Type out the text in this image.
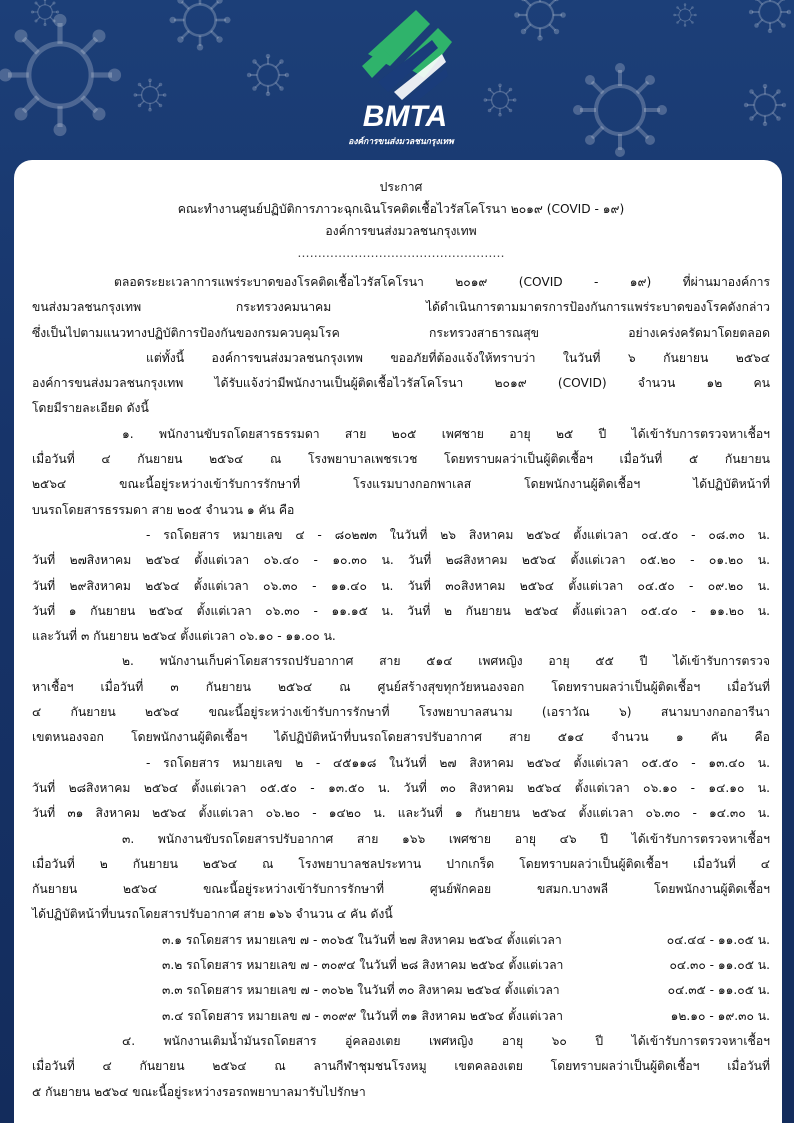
BMTA
องค์การขนส่งมวลชนกรุงเทพ
ประกาศ
คณะทำงานศูนย์ปฏิบัติการภาวะฉุกเฉินโรคติดเชื้อไวรัสโคโรนา ๒๐๑๙ (COVID - ๑๙)
องค์การขนส่งมวลชนกรุงเทพ
……………………………………………

ตลอดระยะเวลาการแพร่ระบาดของโรคติดเชื้อไวรัสโคโรนา ๒๐๑๙ (COVID - ๑๙) ที่ผ่านมาองค์การ

ขนส่งมวลชนกรุงเทพ กระทรวงคมนาคม ได้ดำเนินการตามมาตรการป้องกันการแพร่ระบาดของโรคดังกล่าว

ซึ่งเป็นไปตามแนวทางปฏิบัติการป้องกันของกรมควบคุมโรค กระทรวงสาธารณสุข อย่างเคร่งครัดมาโดยตลอด

แต่ทั้งนี้ องค์การขนส่งมวลชนกรุงเทพ ขออภัยที่ต้องแจ้งให้ทราบว่า ในวันที่ ๖ กันยายน ๒๕๖๔

องค์การขนส่งมวลชนกรุงเทพ ได้รับแจ้งว่ามีพนักงานเป็นผู้ติดเชื้อไวรัสโคโรนา ๒๐๑๙ (COVID) จำนวน ๑๒ คน

โดยมีรายละเอียด ดังนี้

๑. พนักงานขับรถโดยสารธรรมดา สาย ๒๐๕ เพศชาย อายุ ๒๕ ปี ได้เข้ารับการตรวจหาเชื้อฯ

เมื่อวันที่ ๔ กันยายน ๒๕๖๔ ณ โรงพยาบาลเพชรเวช โดยทราบผลว่าเป็นผู้ติดเชื้อฯ เมื่อวันที่ ๕ กันยายน

๒๕๖๔ ขณะนี้อยู่ระหว่างเข้ารับการรักษาที่ โรงแรมบางกอกพาเลส โดยพนักงานผู้ติดเชื้อฯ ได้ปฏิบัติหน้าที่

บนรถโดยสารธรรมดา สาย ๒๐๕ จำนวน ๑ คัน คือ

- รถโดยสาร หมายเลข ๔ - ๘๐๒๗๓ ในวันที่ ๒๖ สิงหาคม ๒๕๖๔ ตั้งแต่เวลา ๐๔.๕๐ - ๐๘.๓๐ น.

วันที่ ๒๗สิงหาคม ๒๕๖๔ ตั้งแต่เวลา ๐๖.๔๐ - ๑๐.๓๐ น. วันที่ ๒๘สิงหาคม ๒๕๖๔ ตั้งแต่เวลา ๐๕.๒๐ - ๐๑.๒๐ น.

วันที่ ๒๙สิงหาคม ๒๕๖๔ ตั้งแต่เวลา ๐๖.๓๐ - ๑๑.๔๐ น. วันที่ ๓๐สิงหาคม ๒๕๖๔ ตั้งแต่เวลา ๐๔.๕๐ - ๐๙.๒๐ น.

วันที่ ๑ กันยายน ๒๕๖๔ ตั้งแต่เวลา ๐๖.๓๐ - ๑๑.๑๕ น. วันที่ ๒ กันยายน ๒๕๖๔ ตั้งแต่เวลา ๐๕.๔๐ - ๑๑.๒๐ น.

และวันที่ ๓ กันยายน ๒๕๖๔ ตั้งแต่เวลา ๐๖.๑๐ - ๑๑.๐๐ น.

๒. พนักงานเก็บค่าโดยสารรถปรับอากาศ สาย ๕๑๔ เพศหญิง อายุ ๕๕ ปี ได้เข้ารับการตรวจ

หาเชื้อฯ เมื่อวันที่ ๓ กันยายน ๒๕๖๔ ณ ศูนย์สร้างสุขทุกวัยหนองจอก โดยทราบผลว่าเป็นผู้ติดเชื้อฯ เมื่อวันที่

๔ กันยายน ๒๕๖๔ ขณะนี้อยู่ระหว่างเข้ารับการรักษาที่ โรงพยาบาลสนาม (เอราวัณ ๖) สนามบางกอกอารีนา

เขตหนองจอก โดยพนักงานผู้ติดเชื้อฯ ได้ปฏิบัติหน้าที่บนรถโดยสารปรับอากาศ สาย ๕๑๔ จำนวน ๑ คัน คือ

- รถโดยสาร หมายเลข ๒ - ๔๕๑๑๘ ในวันที่ ๒๗ สิงหาคม ๒๕๖๔ ตั้งแต่เวลา ๐๕.๕๐ - ๑๓.๔๐ น.

วันที่ ๒๘สิงหาคม ๒๕๖๔ ตั้งแต่เวลา ๐๕.๕๐ - ๑๓.๕๐ น. วันที่ ๓๐ สิงหาคม ๒๕๖๔ ตั้งแต่เวลา ๐๖.๑๐ - ๑๔.๑๐ น.

วันที่ ๓๑ สิงหาคม ๒๕๖๔ ตั้งแต่เวลา ๐๖.๒๐ - ๑๔๒๐ น. และวันที่ ๑ กันยายน ๒๕๖๔ ตั้งแต่เวลา ๐๖.๓๐ - ๑๔.๓๐ น.

๓. พนักงานขับรถโดยสารปรับอากาศ สาย ๑๖๖ เพศชาย อายุ ๔๖ ปี ได้เข้ารับการตรวจหาเชื้อฯ

เมื่อวันที่ ๒ กันยายน ๒๕๖๔ ณ โรงพยาบาลชลประทาน ปากเกร็ด โดยทราบผลว่าเป็นผู้ติดเชื้อฯ เมื่อวันที่ ๔

กันยายน ๒๕๖๔ ขณะนี้อยู่ระหว่างเข้ารับการรักษาที่ ศูนย์พักคอย ขสมก.บางพลี โดยพนักงานผู้ติดเชื้อฯ

ได้ปฏิบัติหน้าที่บนรถโดยสารปรับอากาศ สาย ๑๖๖ จำนวน ๔ คัน ดังนี้

๓.๑ รถโดยสาร หมายเลข ๗ - ๓๐๖๕ ในวันที่ ๒๗ สิงหาคม ๒๕๖๔ ตั้งแต่เวลา	๐๔.๔๔ - ๑๑.๐๕ น.
๓.๒ รถโดยสาร หมายเลข ๗ - ๓๐๙๔ ในวันที่ ๒๘ สิงหาคม ๒๕๖๔ ตั้งแต่เวลา	๐๔.๓๐ - ๑๑.๐๕ น.
๓.๓ รถโดยสาร หมายเลข ๗ - ๓๐๖๒ ในวันที่ ๓๐ สิงหาคม ๒๕๖๔ ตั้งแต่เวลา	๐๔.๓๕ - ๑๑.๐๕ น.
๓.๔ รถโดยสาร หมายเลข ๗ - ๓๐๙๙ ในวันที่ ๓๑ สิงหาคม ๒๕๖๔ ตั้งแต่เวลา	๑๒.๑๐ - ๑๙.๓๐ น.

๔. พนักงานเติมน้ำมันรถโดยสาร อู่คลองเตย เพศหญิง อายุ ๖๐ ปี ได้เข้ารับการตรวจหาเชื้อฯ

เมื่อวันที่ ๔ กันยายน ๒๕๖๔ ณ ลานกีฬาชุมชนโรงหมู เขตคลองเตย โดยทราบผลว่าเป็นผู้ติดเชื้อฯ เมื่อวันที่

๕ กันยายน ๒๕๖๔ ขณะนี้อยู่ระหว่างรอรถพยาบาลมารับไปรักษา
